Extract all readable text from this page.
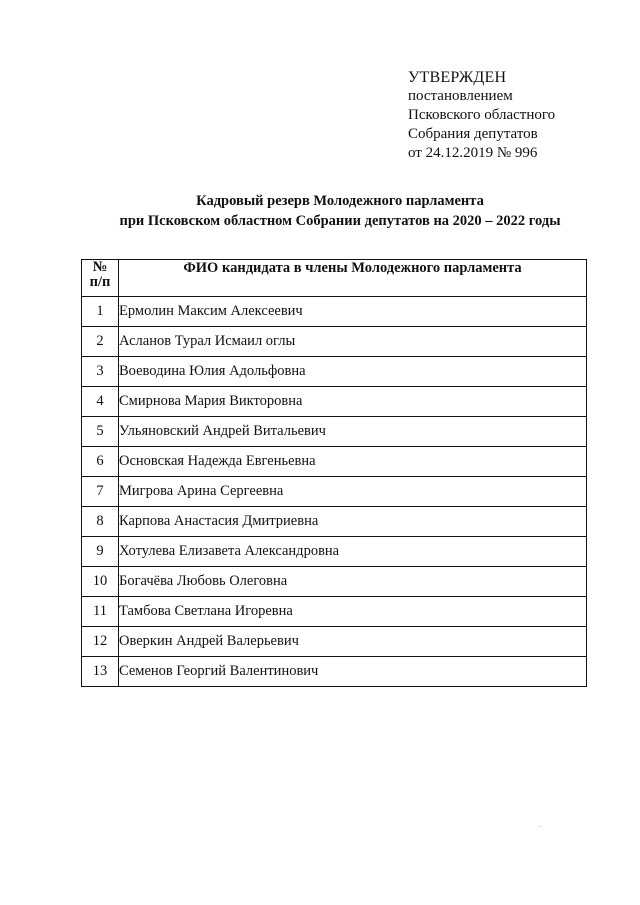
УТВЕРЖДЕН
постановлением
Псковского областного
Собрания депутатов
от 24.12.2019 № 996
Кадровый резерв Молодежного парламента
при Псковском областном Собрании депутатов на 2020 – 2022 годы
№
п/п	ФИО кандидата в члены Молодежного парламента
1	Ермолин Максим Алексеевич
2	Асланов Турал Исмаил оглы
3	Воеводина Юлия Адольфовна
4	Смирнова Мария Викторовна
5	Ульяновский Андрей Витальевич
6	Основская Надежда Евгеньевна
7	Мигрова Арина Сергеевна
8	Карпова Анастасия Дмитриевна
9	Хотулева Елизавета Александровна
10	Богачёва Любовь Олеговна
11	Тамбова Светлана Игоревна
12	Оверкин Андрей Валерьевич
13	Семенов Георгий Валентинович
